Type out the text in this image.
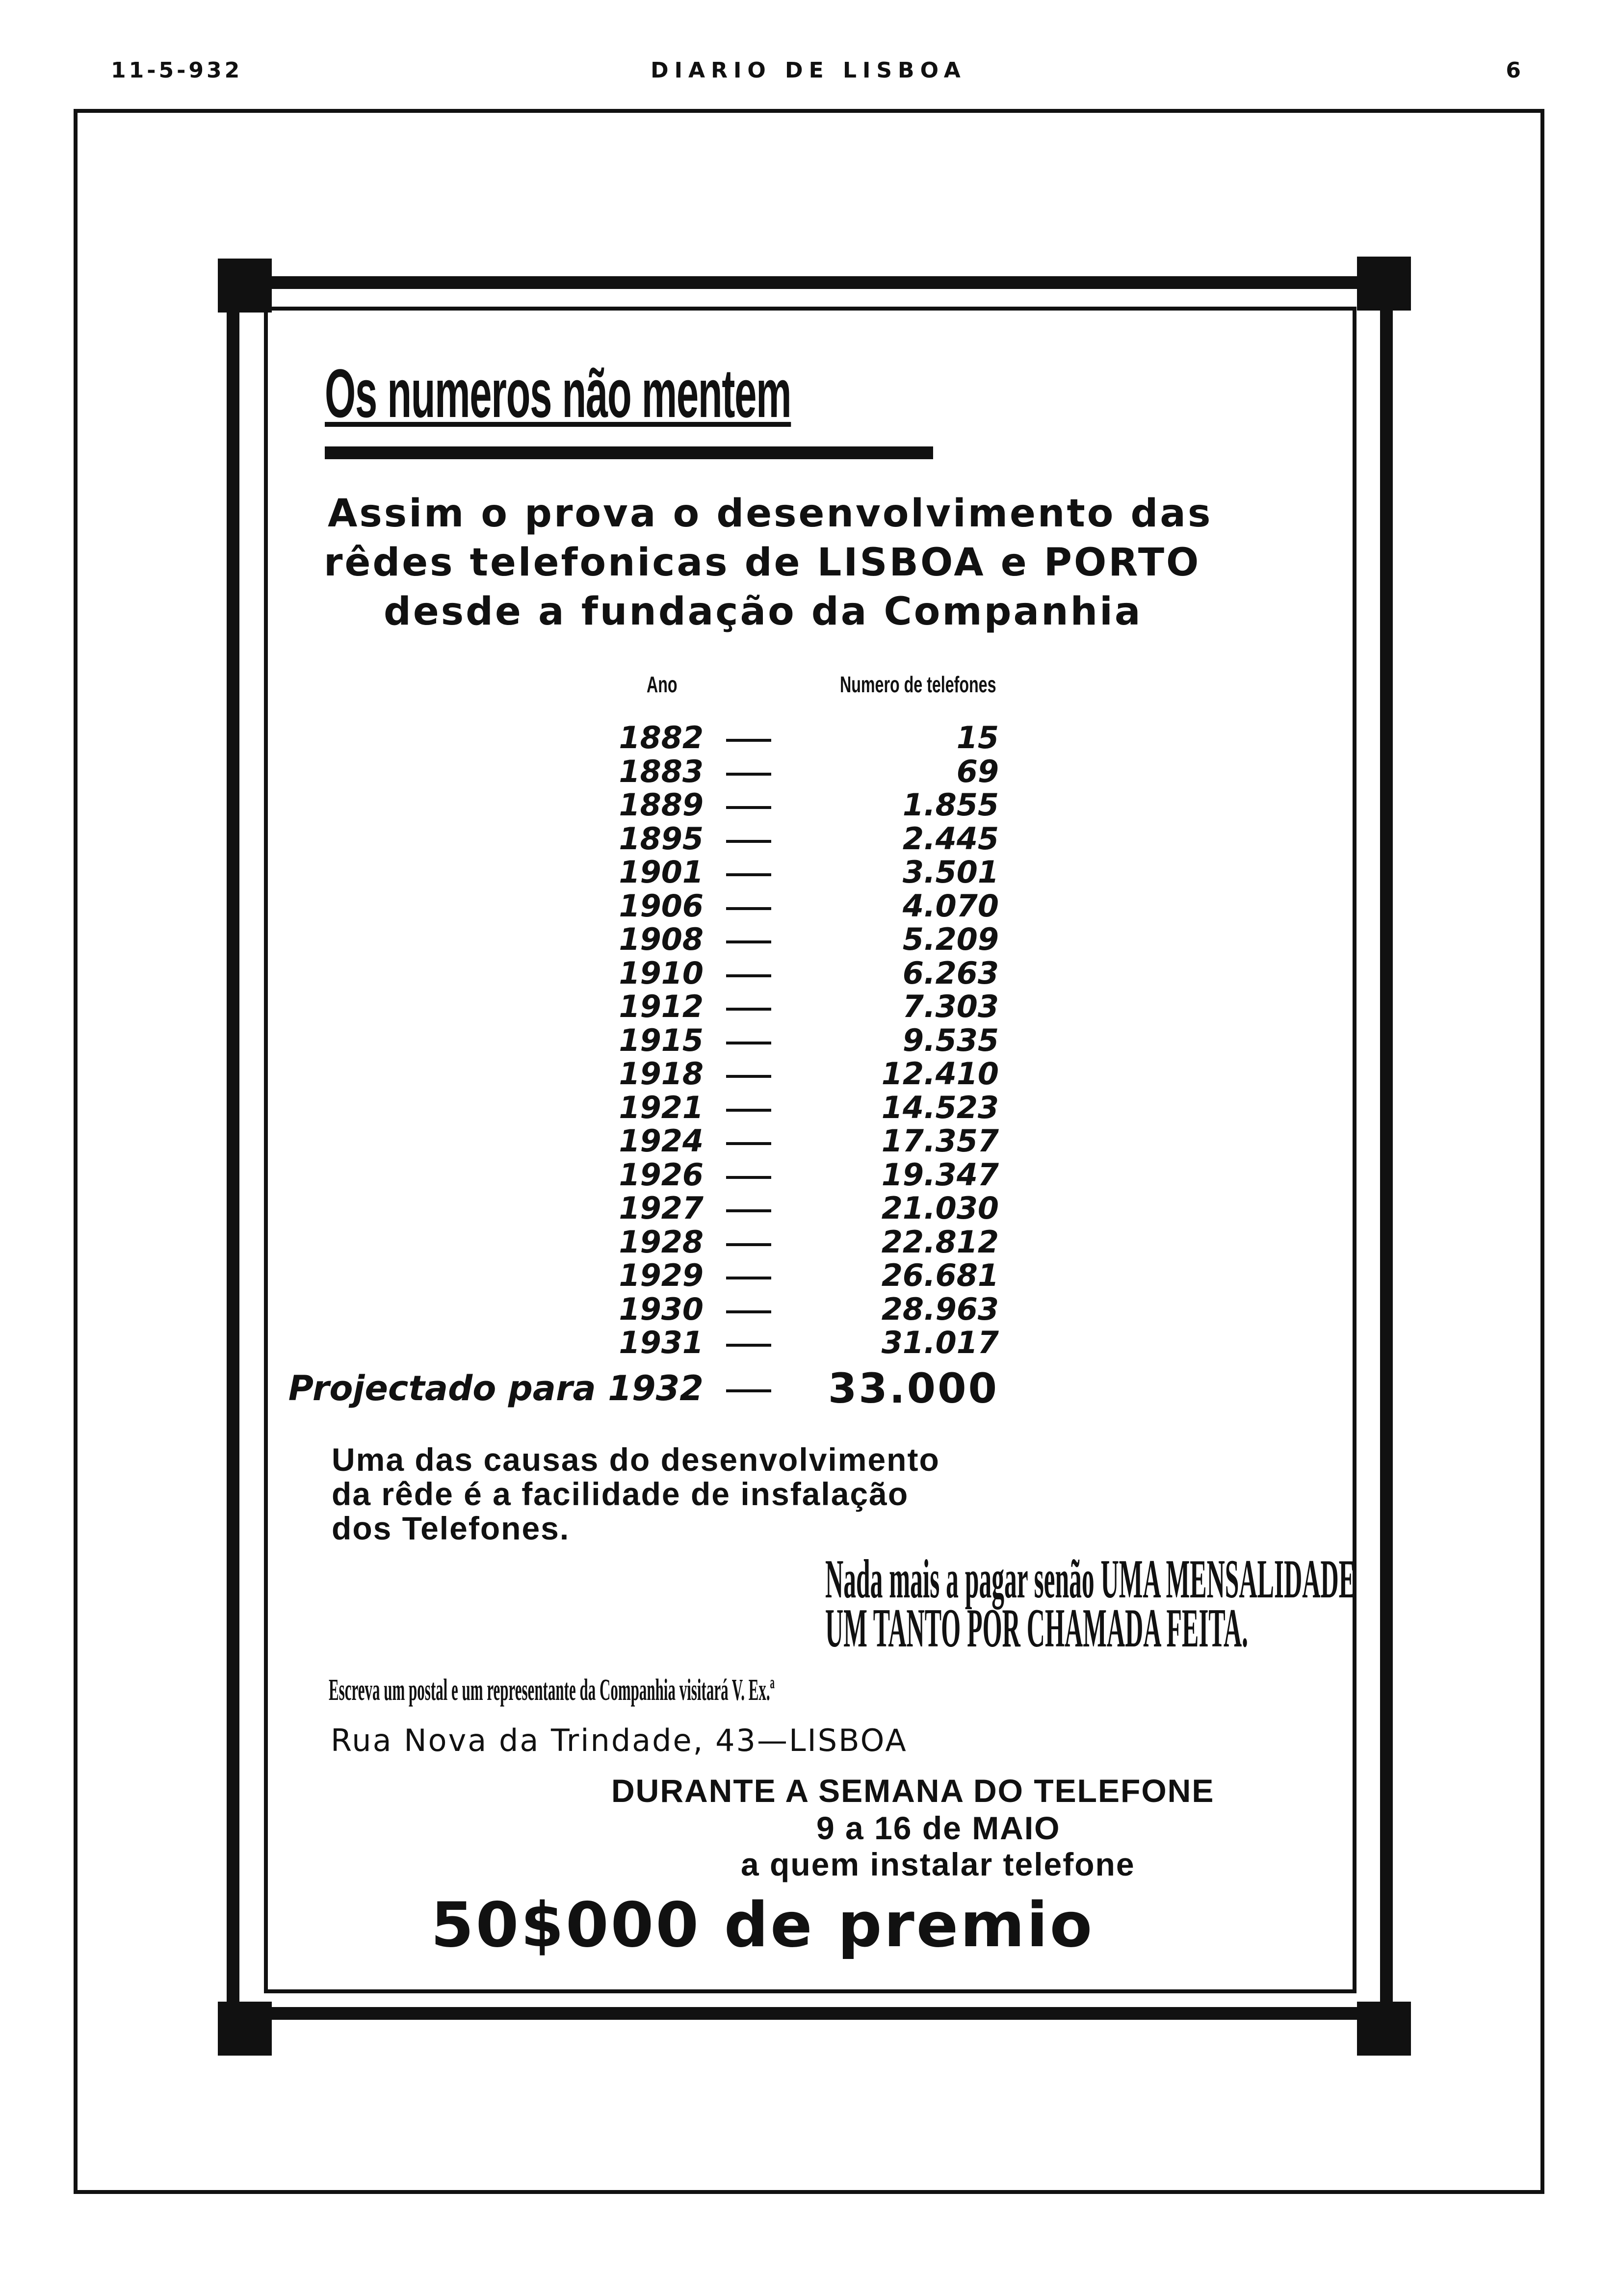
11-5-932	DIARIO DE LISBOA	6
Os numeros não mentem
Assim o prova o desenvolvimento das
rêdes telefonicas de LISBOA e PORTO
desde a fundação da Companhia
Ano	Numero de telefones
1882	15
1883	69
1889	1.855
1895	2.445
1901	3.501
1906	4.070
1908	5.209
1910	6.263
1912	7.303
1915	9.535
1918	12.410
1921	14.523
1924	17.357
1926	19.347
1927	21.030
1928	22.812
1929	26.681
1930	28.963
1931	31.017
Projectado para 1932	33.000
Uma das causas do desenvolvimento
da rêde é a facilidade de insfalação
dos Telefones.
Nada mais a pagar senão UMA MENSALIDADE
UM TANTO POR CHAMADA FEITA.
Escreva um postal e um representante da Companhia visitará V. Ex.ª
Rua Nova da Trindade, 43—LISBOA
DURANTE A SEMANA DO TELEFONE
9 a 16 de MAIO
a quem instalar telefone
50$000 de premio
